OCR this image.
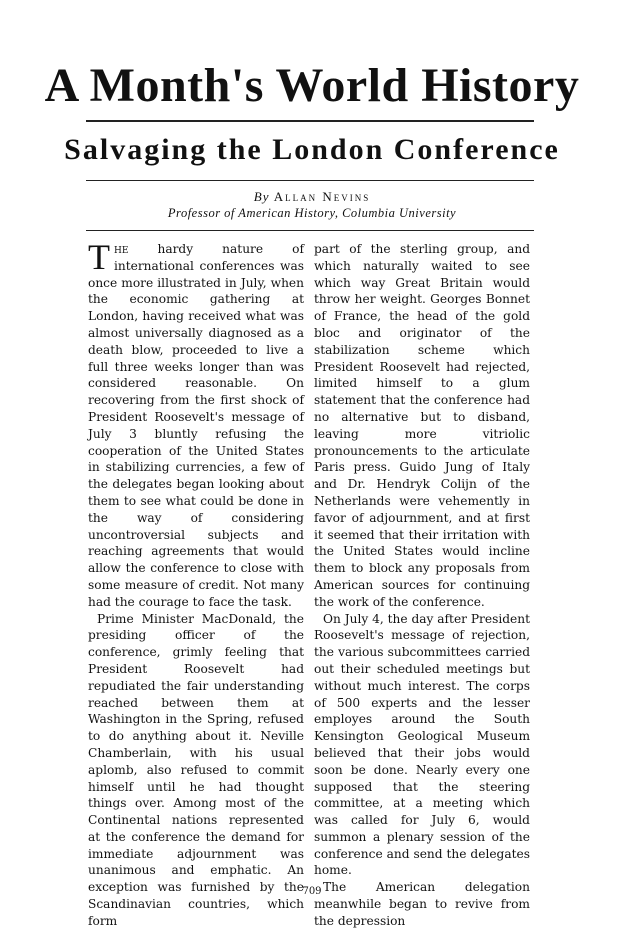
A Month's World History
Salvaging the London Conference
By Allan Nevins
Professor of American History, Columbia University

The hardy nature of international conferences was once more illustrated in July, when the economic gathering at London, having received what was almost universally diagnosed as a death blow, proceeded to live a full three weeks longer than was considered reasonable. On recovering from the first shock of President Roosevelt's message of July 3 bluntly refusing the cooperation of the United States in stabilizing currencies, a few of the delegates began looking about them to see what could be done in the way of considering uncontroversial subjects and reaching agreements that would allow the conference to close with some measure of credit. Not many had the courage to face the task.

Prime Minister MacDonald, the presiding officer of the conference, grimly feeling that President Roosevelt had repudiated the fair understanding reached between them at Washington in the Spring, refused to do anything about it. Neville Chamberlain, with his usual aplomb, also refused to commit himself until he had thought things over. Among most of the Continental nations represented at the conference the demand for immediate adjournment was unanimous and emphatic. An exception was furnished by the Scandinavian countries, which form

part of the sterling group, and which naturally waited to see which way Great Britain would throw her weight. Georges Bonnet of France, the head of the gold bloc and originator of the stabilization scheme which President Roosevelt had rejected, limited himself to a glum statement that the conference had no alternative but to disband, leaving more vitriolic pronouncements to the articulate Paris press. Guido Jung of Italy and Dr. Hendryk Colijn of the Netherlands were vehemently in favor of adjournment, and at first it seemed that their irritation with the United States would incline them to block any proposals from American sources for continuing the work of the conference.

On July 4, the day after President Roosevelt's message of rejection, the various subcommittees carried out their scheduled meetings but without much interest. The corps of 500 experts and the lesser employes around the South Kensington Geological Museum believed that their jobs would soon be done. Nearly every one supposed that the steering committee, at a meeting which was called for July 6, would summon a plenary session of the conference and send the delegates home.

The American delegation meanwhile began to revive from the depression

709
